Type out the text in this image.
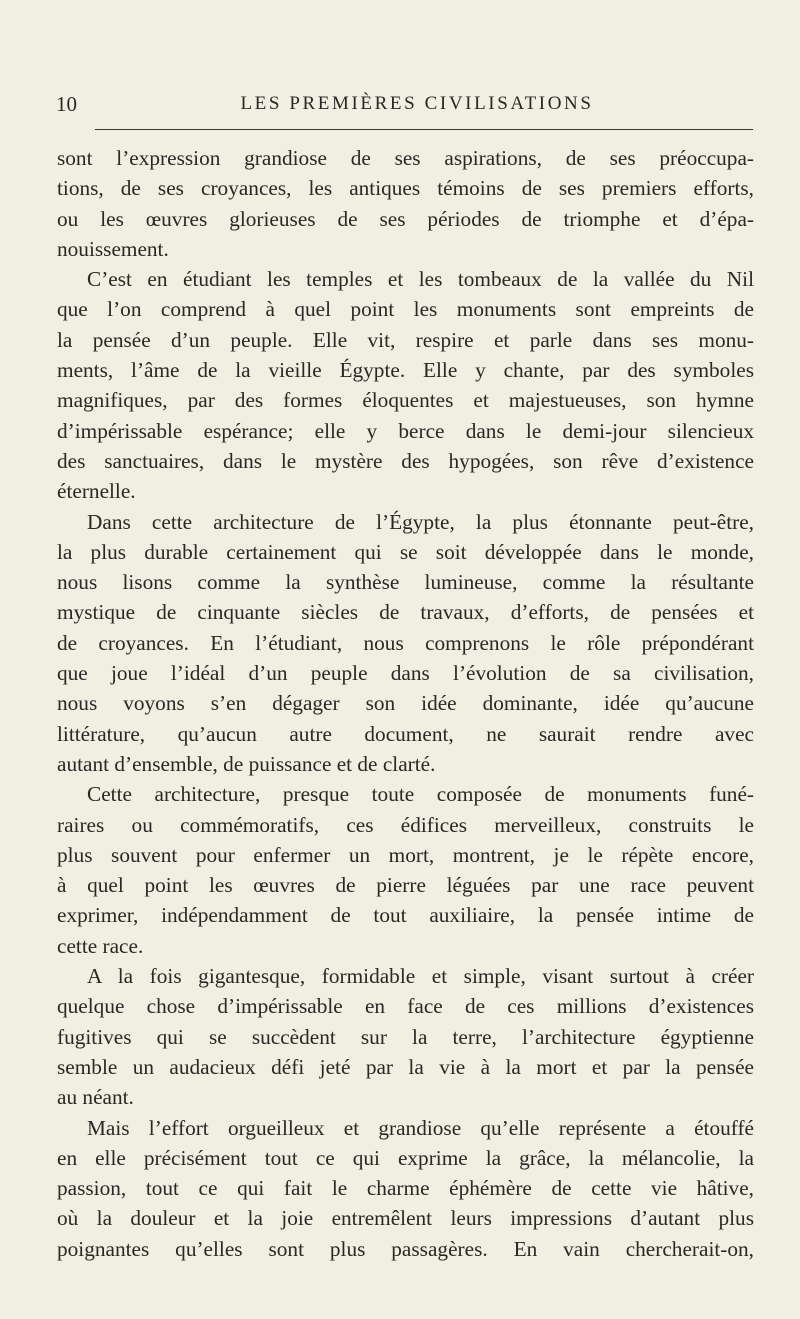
10	LES PREMIÈRES CIVILISATIONS
sont l’expression grandiose de ses aspirations, de ses préoccupa-
tions, de ses croyances, les antiques témoins de ses premiers efforts,
ou les œuvres glorieuses de ses périodes de triomphe et d’épa-
nouissement.
C’est en étudiant les temples et les tombeaux de la vallée du Nil
que l’on comprend à quel point les monuments sont empreints de
la pensée d’un peuple. Elle vit, respire et parle dans ses monu-
ments, l’âme de la vieille Égypte. Elle y chante, par des symboles
magnifiques, par des formes éloquentes et majestueuses, son hymne
d’impérissable espérance; elle y berce dans le demi-jour silencieux
des sanctuaires, dans le mystère des hypogées, son rêve d’existence
éternelle.
Dans cette architecture de l’Égypte, la plus étonnante peut-être,
la plus durable certainement qui se soit développée dans le monde,
nous lisons comme la synthèse lumineuse, comme la résultante
mystique de cinquante siècles de travaux, d’efforts, de pensées et
de croyances. En l’étudiant, nous comprenons le rôle prépondérant
que joue l’idéal d’un peuple dans l’évolution de sa civilisation,
nous voyons s’en dégager son idée dominante, idée qu’aucune
littérature, qu’aucun autre document, ne saurait rendre avec
autant d’ensemble, de puissance et de clarté.
Cette architecture, presque toute composée de monuments funé-
raires ou commémoratifs, ces édifices merveilleux, construits le
plus souvent pour enfermer un mort, montrent, je le répète encore,
à quel point les œuvres de pierre léguées par une race peuvent
exprimer, indépendamment de tout auxiliaire, la pensée intime de
cette race.
A la fois gigantesque, formidable et simple, visant surtout à créer
quelque chose d’impérissable en face de ces millions d’existences
fugitives qui se succèdent sur la terre, l’architecture égyptienne
semble un audacieux défi jeté par la vie à la mort et par la pensée
au néant.
Mais l’effort orgueilleux et grandiose qu’elle représente a étouffé
en elle précisément tout ce qui exprime la grâce, la mélancolie, la
passion, tout ce qui fait le charme éphémère de cette vie hâtive,
où la douleur et la joie entremêlent leurs impressions d’autant plus
poignantes qu’elles sont plus passagères. En vain chercherait-on,
